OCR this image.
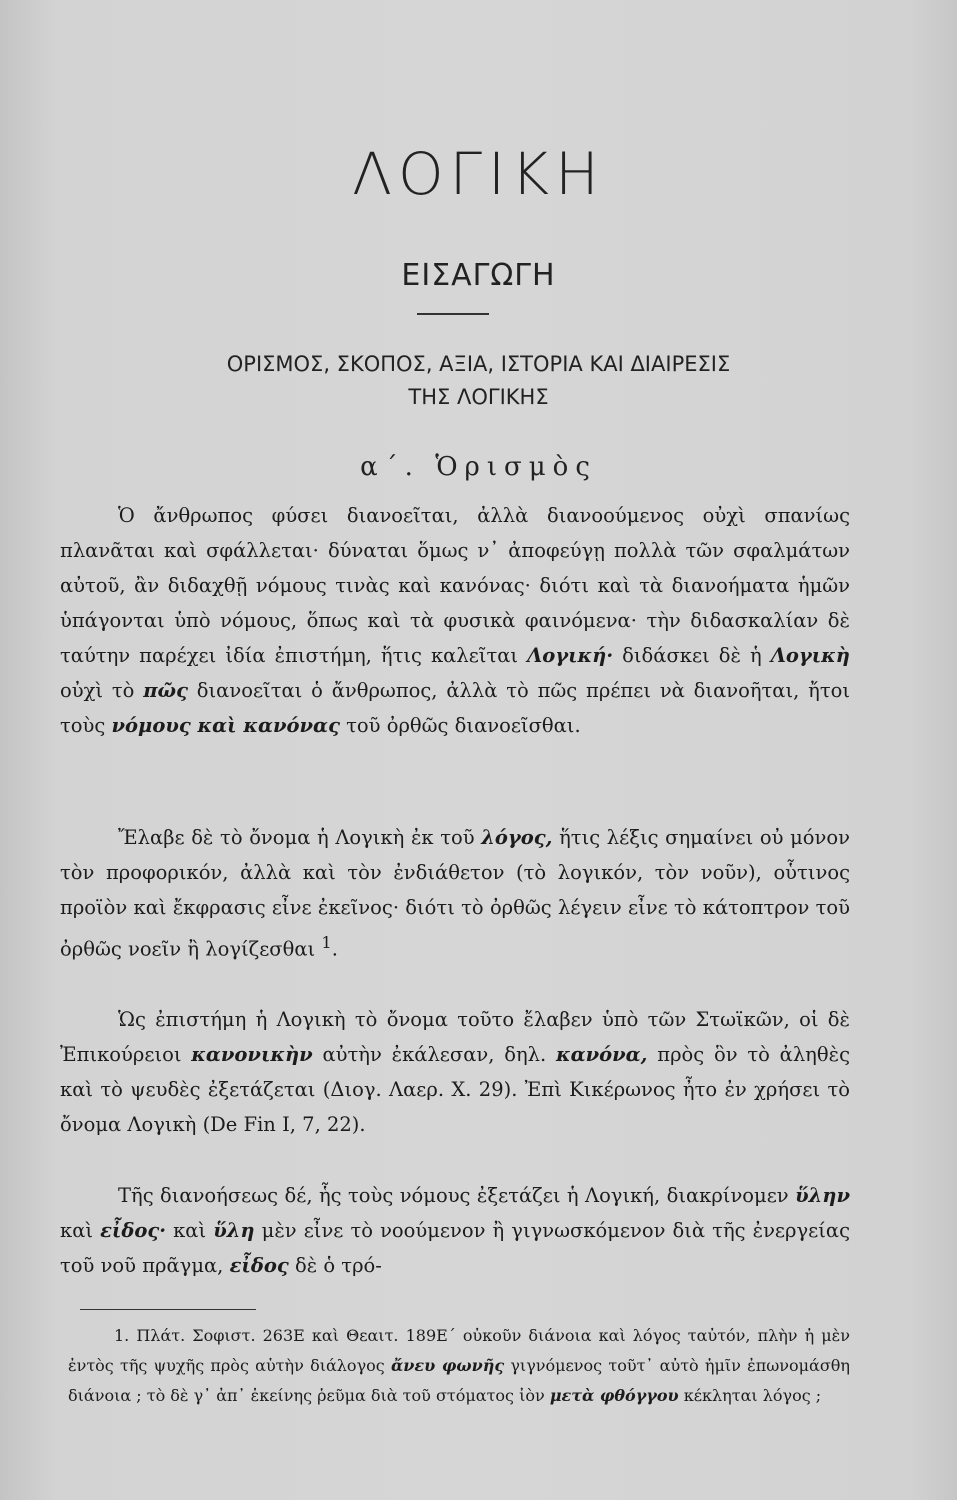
ΛΟΓΙΚΗ
ΕΙΣΑΓΩΓΗ
ΟΡΙΣΜΟΣ, ΣΚΟΠΟΣ, ΑΞΙΑ, ΙΣΤΟΡΙΑ ΚΑΙ ΔΙΑΙΡΕΣΙΣ
ΤΗΣ ΛΟΓΙΚΗΣ
α΄. Ὁρισμὸς

Ὁ ἄνθρωπος φύσει διανοεῖται, ἀλλὰ διανοούμενος οὐχὶ σπανίως πλανᾶται καὶ σφάλλεται· δύναται ὅμως ν᾽ ἀποφεύγῃ πολλὰ τῶν σφαλμάτων αὐτοῦ, ἂν διδαχθῇ νόμους τινὰς καὶ κανόνας· διότι καὶ τὰ διανοήματα ἡμῶν ὑπάγονται ὑπὸ νόμους, ὅπως καὶ τὰ φυσικὰ φαινόμενα· τὴν διδασκαλίαν δὲ ταύτην παρέχει ἰδία ἐπιστήμη, ἥτις καλεῖται Λογική· διδάσκει δὲ ἡ Λογικὴ οὐχὶ τὸ πῶς διανοεῖται ὁ ἄνθρωπος, ἀλλὰ τὸ πῶς πρέπει νὰ διανοῆται, ἤτοι τοὺς νόμους καὶ κανόνας τοῦ ὀρθῶς διανοεῖσθαι.

Ἔλαβε δὲ τὸ ὄνομα ἡ Λογικὴ ἐκ τοῦ λόγος, ἥτις λέξις σημαίνει οὐ μόνον τὸν προφορικόν, ἀλλὰ καὶ τὸν ἐνδιάθετον (τὸ λογικόν, τὸν νοῦν), οὗτινος προϊὸν καὶ ἔκφρασις εἶνε ἐκεῖνος· διότι τὸ ὀρθῶς λέγειν εἶνε τὸ κάτοπτρον τοῦ ὀρθῶς νοεῖν ἢ λογίζεσθαι $^1$.

Ὡς ἐπιστήμη ἡ Λογικὴ τὸ ὄνομα τοῦτο ἔλαβεν ὑπὸ τῶν Στωϊκῶν, οἱ δὲ Ἐπικούρειοι κανονικὴν αὐτὴν ἐκάλεσαν, δηλ. κανόνα, πρὸς ὃν τὸ ἀληθὲς καὶ τὸ ψευδὲς ἐξετάζεται (Διογ. Λαερ. Χ. 29). Ἐπὶ Κικέρωνος ἦτο ἐν χρήσει τὸ ὄνομα Λογικὴ (De Fin I, 7, 22).

Τῆς διανοήσεως δέ, ἧς τοὺς νόμους ἐξετάζει ἡ Λογική, διακρίνομεν ὕλην καὶ εἶδος· καὶ ὕλη μὲν εἶνε τὸ νοούμενον ἢ γιγνωσκόμενον διὰ τῆς ἐνεργείας τοῦ νοῦ πρᾶγμα, εἶδος δὲ ὁ τρό-

1. Πλάτ. Σοφιστ. 263Ε καὶ Θεαιτ. 189Ε΄ οὐκοῦν διάνοια καὶ λόγος ταὐτόν, πλὴν ἡ μὲν ἐντὸς τῆς ψυχῆς πρὸς αὑτὴν διάλογος ἄνευ φωνῆς γιγνόμενος τοῦτ᾽ αὐτὸ ἡμῖν ἐπωνομάσθη διάνοια ; τὸ δὲ γ᾽ ἀπ᾽ ἐκείνης ῥεῦμα διὰ τοῦ στόματος ἰὸν μετὰ φθόγγου κέκληται λόγος ;
